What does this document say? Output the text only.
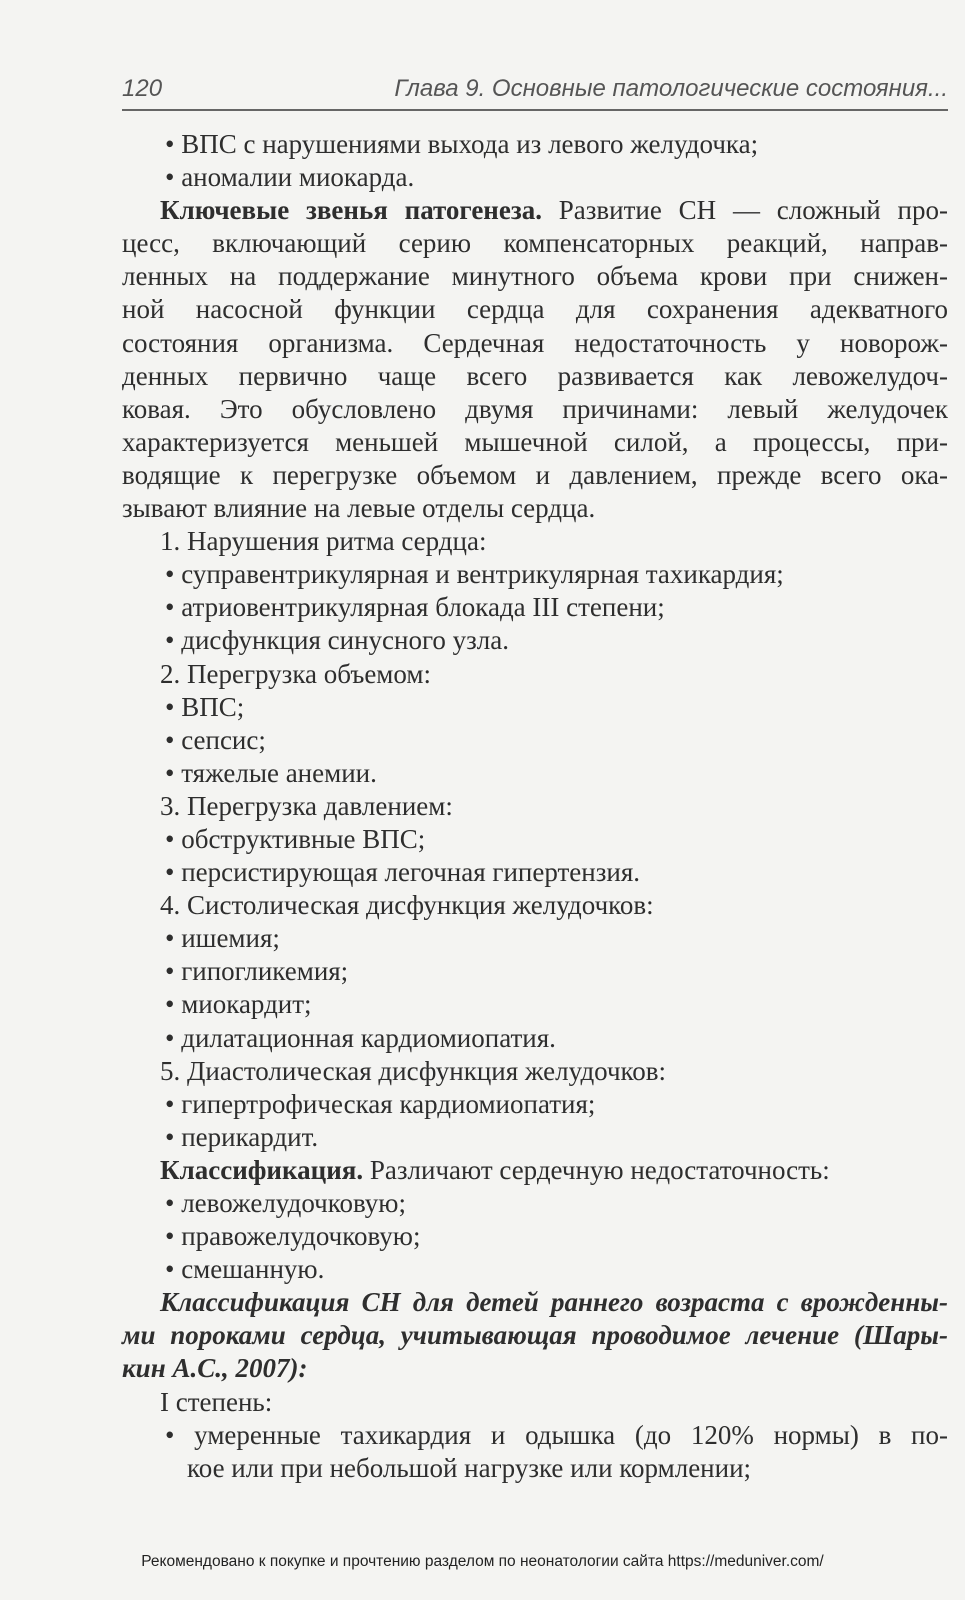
120	Глава 9. Основные патологические состояния...
• ВПС с нарушениями выхода из левого желудочка;
• аномалии миокарда.
Ключевые звенья патогенеза. Развитие СН — сложный про-
цесс, включающий серию компенсаторных реакций, направ-
ленных на поддержание минутного объема крови при снижен-
ной насосной функции сердца для сохранения адекватного
состояния организма. Сердечная недостаточность у новорож-
денных первично чаще всего развивается как левожелудоч-
ковая. Это обусловлено двумя причинами: левый желудочек
характеризуется меньшей мышечной силой, а процессы, при-
водящие к перегрузке объемом и давлением, прежде всего ока-
зывают влияние на левые отделы сердца.
1. Нарушения ритма сердца:
• суправентрикулярная и вентрикулярная тахикардия;
• атриовентрикулярная блокада III степени;
• дисфункция синусного узла.
2. Перегрузка объемом:
• ВПС;
• сепсис;
• тяжелые анемии.
3. Перегрузка давлением:
• обструктивные ВПС;
• персистирующая легочная гипертензия.
4. Систолическая дисфункция желудочков:
• ишемия;
• гипогликемия;
• миокардит;
• дилатационная кардиомиопатия.
5. Диастолическая дисфункция желудочков:
• гипертрофическая кардиомиопатия;
• перикардит.
Классификация. Различают сердечную недостаточность:
• левожелудочковую;
• правожелудочковую;
• смешанную.
Классификация СН для детей раннего возраста с врожденны-
ми пороками сердца, учитывающая проводимое лечение (Шары-
кин А.С., 2007):
I степень:
• умеренные тахикардия и одышка (до 120% нормы) в по-
кое или при небольшой нагрузке или кормлении;
Рекомендовано к покупке и прочтению разделом по неонатологии сайта https://meduniver.com/
